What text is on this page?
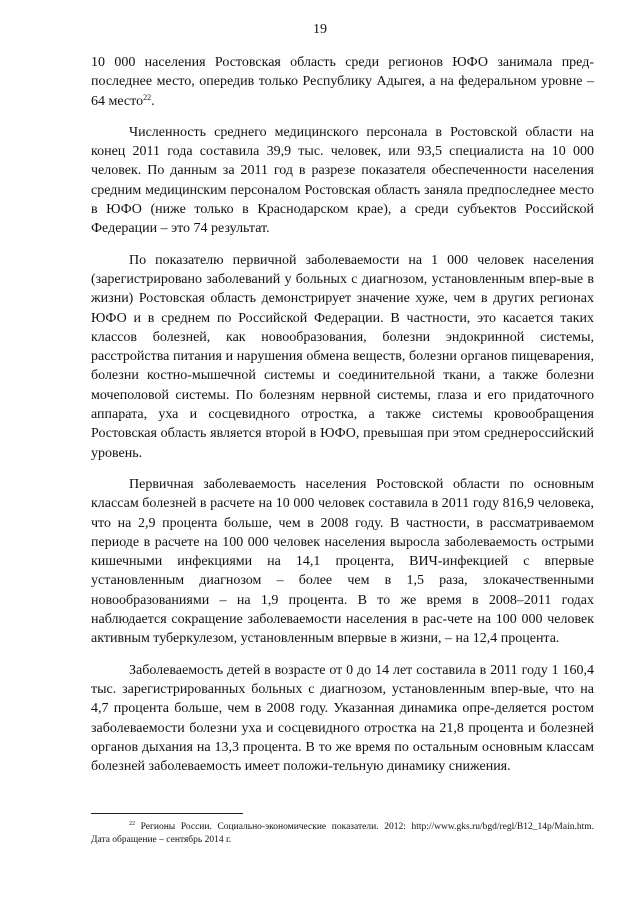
19

10 000 населения Ростовская область среди регионов ЮФО занимала пред-последнее место, опередив только Республику Адыгея, а на федеральном уровне – 64 место$^{22}$.

Численность среднего медицинского персонала в Ростовской области на конец 2011 года составила 39,9 тыс. человек, или 93,5 специалиста на 10 000 человек. По данным за 2011 год в разрезе показателя обеспеченности населения средним медицинским персоналом Ростовская область заняла предпоследнее место в ЮФО (ниже только в Краснодарском крае), а среди субъектов Российской Федерации – это 74 результат.

По показателю первичной заболеваемости на 1 000 человек населения (зарегистрировано заболеваний у больных с диагнозом, установленным впер-вые в жизни) Ростовская область демонстрирует значение хуже, чем в других регионах ЮФО и в среднем по Российской Федерации. В частности, это касается таких классов болезней, как новообразования, болезни эндокринной системы, расстройства питания и нарушения обмена веществ, болезни органов пищеварения, болезни костно-мышечной системы и соединительной ткани, а также болезни мочеполовой системы. По болезням нервной системы, глаза и его придаточного аппарата, уха и сосцевидного отростка, а также системы кровообращения Ростовская область является второй в ЮФО, превышая при этом среднероссийский уровень.

Первичная заболеваемость населения Ростовской области по основным классам болезней в расчете на 10 000 человек составила в 2011 году 816,9 человека, что на 2,9 процента больше, чем в 2008 году. В частности, в рассматриваемом периоде в расчете на 100 000 человек населения выросла заболеваемость острыми кишечными инфекциями на 14,1 процента, ВИЧ-инфекцией с впервые установленным диагнозом – более чем в 1,5 раза, злокачественными новообразованиями – на 1,9 процента. В то же время в 2008–2011 годах наблюдается сокращение заболеваемости населения в рас-чете на 100 000 человек активным туберкулезом, установленным впервые в жизни, – на 12,4 процента.

Заболеваемость детей в возрасте от 0 до 14 лет составила в 2011 году 1 160,4 тыс. зарегистрированных больных с диагнозом, установленным впер-вые, что на 4,7 процента больше, чем в 2008 году. Указанная динамика опре-деляется ростом заболеваемости болезни уха и сосцевидного отростка на 21,8 процента и болезней органов дыхания на 13,3 процента. В то же время по остальным основным классам болезней заболеваемость имеет положи-тельную динамику снижения.

$^{22}$ Регионы России. Социально-экономические показатели. 2012: http://www.gks.ru/bgd/regl/B12_14p/Main.htm. Дата обращение – сентябрь 2014 г.
